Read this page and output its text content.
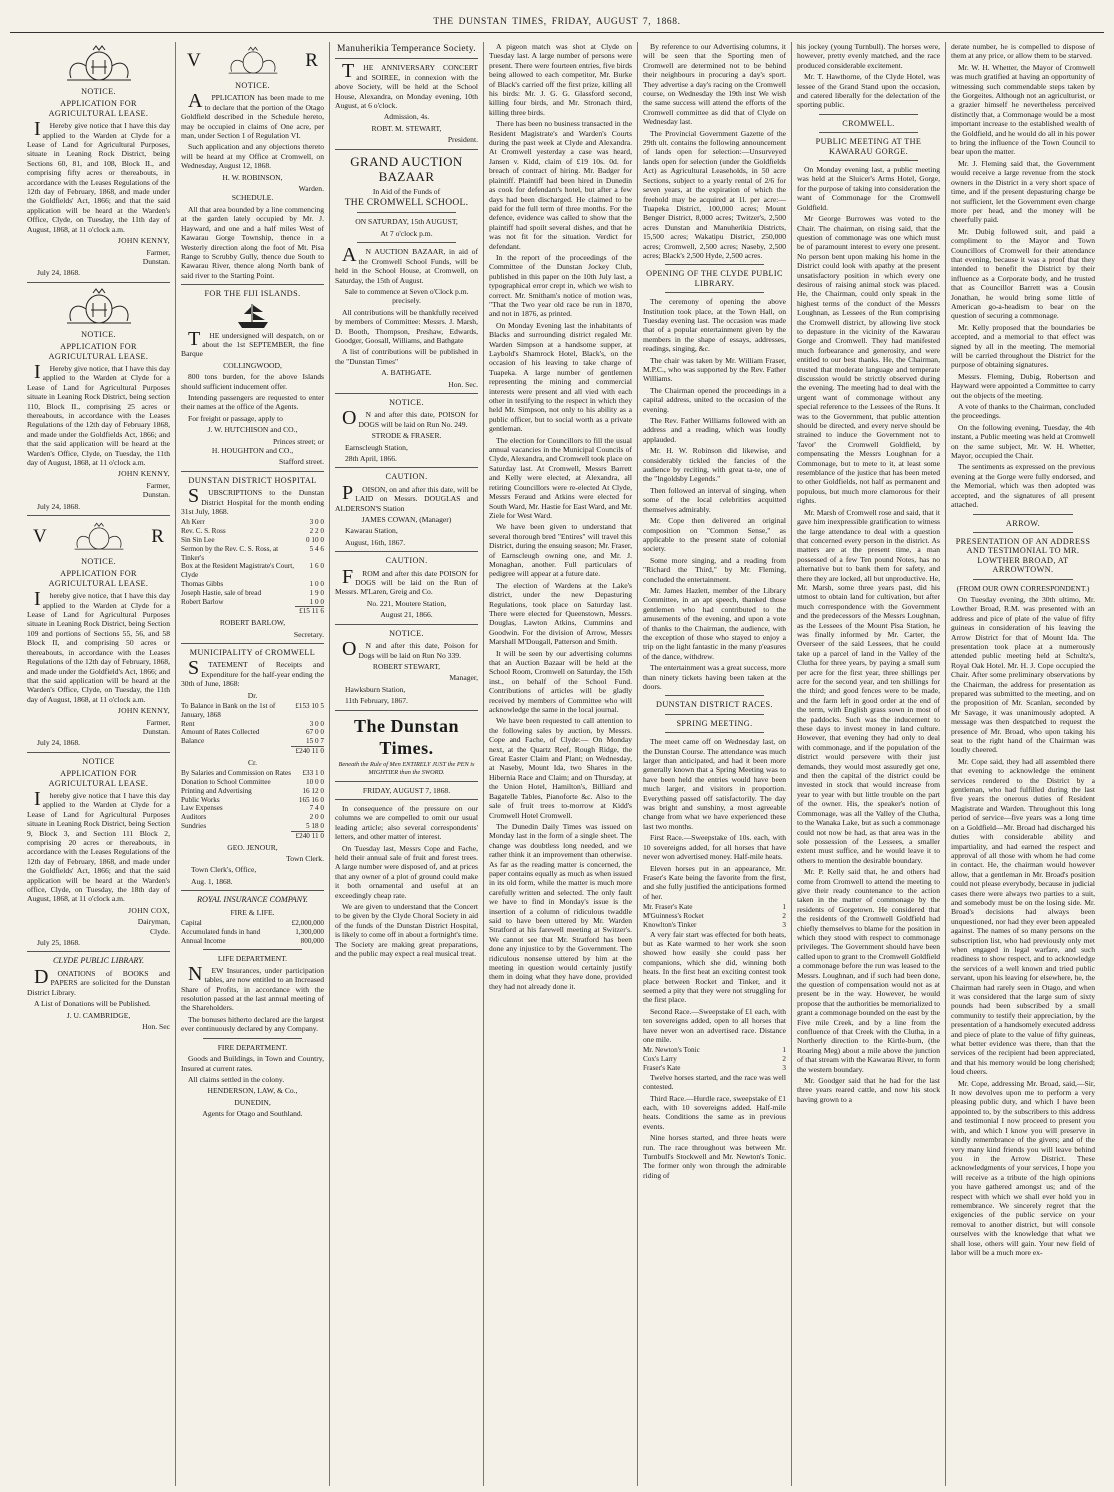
THE DUNSTAN TIMES, FRIDAY, AUGUST 7, 1868.

NOTICE.

APPLICATION FOR AGRICULTURAL LEASE.

IHereby give notice that I have this day applied to the Warden at Clyde for a Lease of Land for Agricultural Purposes, situate in Leaning Rock District, being Sections 60, 81, and 108, Block II., and comprising fifty acres or thereabouts, in accordance with the Leases Regulations of the 12th day of February, 1868, and made under the Goldfields' Act, 1866; and that the said application will be heard at the Warden's Office, Clyde, on Tuesday, the 11th day of August, 1868, at 11 o'clock a.m.

JOHN KENNY,

Farmer,

Dunstan.

July 24, 1868.

NOTICE.

APPLICATION FOR AGRICULTURAL LEASE.

IHereby give notice, that I have this day applied to the Warden at Clyde for a Lease of Land for Agricultural Purposes situate in Leaning Rock District, being section 110, Block II., comprising 25 acres or thereabouts, in accordance with the Leases Regulations of the 12th day of February 1868, and made under the Goldfields Act, 1866; and that the said application will be heard at the Warden's Office, Clyde, on Tuesday, the 11th day of August, 1868, at 11 o'clock a.m.

JOHN KENNY,

Farmer,

Dunstan.

July 24, 1868.

V	R

NOTICE.

APPLICATION FOR AGRICULTURAL LEASE.

Ihereby give notice, that I have this day applied to the Warden at Clyde for a Lease of Land for Agricultural Purposes situate in Leaning Rock District, being Section 109 and portions of Sections 55, 56, and 58 Block II, and comprising 50 acres or thereabouts, in accordance with the Leases Regulations of the 12th day of February, 1868, and made under the Goldfield's Act, 1866; and that the said application will be heard at the Warden's Office, Clyde, on Tuesday, the 11th day of August, 1868, at 11 o'clock a.m.

JOHN KENNY,

Farmer,

Dunstan.

July 24, 1868.

NOTICE

APPLICATION FOR AGRICULTURAL LEASE.

Ihereby give notice that I have this day applied to the Warden at Clyde for a Lease of Land for Agricultural Purposes situate in Leaning Rock District, being Section 9, Block 3, and Section 111 Block 2, comprising 20 acres or thereabouts, in accordance with the Leases Regulations of the 12th day of February, 1868, and made under the Goldfields' Act, 1866; and that the said application will be heard at the Warden's office, Clyde, on Tuesday, the 18th day of August, 1868, at 11 o'clock a.m.

JOHN COX,

Dairyman,

Clyde.

July 25, 1868.

CLYDE PUBLIC LIBRARY.

DONATIONS of BOOKS and PAPERS are solicited for the Dunstan District Library.

A List of Donations will be Published.

J. U. CAMBRIDGE,

Hon. Sec

V	R

NOTICE.

APPLICATION has been made to me to declare that the portion of the Otago Goldfield described in the Schedule hereto, may be occupied in claims of One acre, per man, under Section 1 of Regulation VI.

Such application and any objections thereto will be heard at my Office at Cromwell, on Wednesday, August 12, 1868.

H. W. ROBINSON,

Warden.

SCHEDULE.

All that area bounded by a line commencing at the garden lately occupied by Mr. J. Hayward, and one and a half miles West of Kawarau Gorge Township, thence in a Westerly direction along the foot of Mt. Pisa Range to Scrubby Gully, thence due South to Kawarau River, thence along North bank of said river to the Starting Point.

FOR THE FIJI ISLANDS.

THE undersigned will despatch, on or about the 1st SEPTEMBER, the fine Barque

COLLINGWOOD,

800 tons burden, for the above Islands should sufficient inducement offer.

Intending passengers are requested to enter their names at the office of the Agents.

For freight or passage, apply to

J. W. HUTCHISON and CO.,

Princes street; or

H. HOUGHTON and CO.,

Stafford street.

DUNSTAN DISTRICT HOSPITAL

SUBSCRIPTIONS to the Dunstan District Hospital for the month ending 31st July, 1868.

Ah Kerr	3 0 0
Rev. C. S. Ross	2 2 0
Sin Sin Lee	0 10 0
Sermon by the Rev. C. S. Ross, at Tinker's	5 4 6
Box at the Resident Magistrate's Court, Clyde	1 6 0
Thomas Gibbs	1 0 0
Joseph Hastie, sale of bread	1 9 0
Robert Barlow	1 0 0
	£15 11 6

ROBERT BARLOW,

Secretary.

MUNICIPALITY of CROMWELL

STATEMENT of Receipts and Expenditure for the half-year ending the 30th of June, 1868:

Dr.

To Balance in Bank on the 1st of January, 1868	£153 10 5
Rent	3 0 0
Amount of Rates Collected	67 0 0
Balance	15 0 7
	£240 11 0

Cr.

By Salaries and Commission on Rates	£33 1 0
Donation to School Committee	10 0 0
Printing and Advertising	16 12 0
Public Works	165 16 0
Law Expenses	7 4 0
Auditors	2 0 0
Sundries	5 18 0
	£240 11 0

GEO. JENOUR,

Town Clerk.

Town Clerk's, Office,

Aug. 1, 1868.

ROYAL INSURANCE COMPANY.

FIRE & LIFE.

Capital	£2,000,000
Accumulated funds in hand	1,300,000
Annual Income	800,000

LIFE DEPARTMENT.

NEW Insurances, under participation tables, are now entitled to an Increased Share of Profits, in accordance with the resolution passed at the last annual meeting of the Shareholders.

The bonuses hitherto declared are the largest ever continuously declared by any Company.

FIRE DEPARTMENT.

Goods and Buildings, in Town and Country, Insured at current rates.

All claims settled in the colony.

HENDERSON, LAW, & Co.,

DUNEDIN,

Agents for Otago and Southland.

Manuherikia Temperance Society.

THE ANNIVERSARY CONCERT and SOIREE, in connexion with the above Society, will be held at the School House, Alexandra, on Monday evening, 10th August, at 6 o'clock.

Admission, 4s.

ROBT. M. STEWART,

President.

GRAND AUCTION BAZAAR

In Aid of the Funds of

THE CROMWELL SCHOOL.

ON SATURDAY, 15th AUGUST,

At 7 o'clock p.m.

AN AUCTION BAZAAR, in aid of the Cromwell School Funds, will be held in the School House, at Cromwell, on Saturday, the 15th of August.

Sale to commence at Seven o'Clock p.m. precisely.

All contributions will be thankfully received by members of Committee: Messrs. J. Marsh, D. Booth, Thompson, Preshaw, Edwards, Goodger, Goosall, Williams, and Bathgate

A list of contributions will be published in the "Dunstan Times"

A. BATHGATE.

Hon. Sec.

NOTICE.

ON and after this date, POISON for DOGS will be laid on Run No. 249.

STRODE & FRASER.

Earnscleugh Station,

28th April, 1866.

CAUTION.

POISON, on and after this date, will be LAID on Messrs. DOUGLAS and ALDERSON'S Station

JAMES COWAN, (Manager)

Kawarau Station,

August, 16th, 1867.

CAUTION.

FROM and after this date POISON for DOGS will be laid on the Run of Messrs. M'Laren, Greig and Co.

No. 221, Moutere Station,

August 21, 1866.

NOTICE.

ON and after this date, Poison for Dogs will be laid on Run No 339.

ROBERT STEWART,

Manager,

Hawksburn Station,

11th February, 1867.

The Dunstan Times.
Beneath the Rule of Men ENTIRELY JUST the PEN is MIGHTIER than the SWORD.

FRIDAY, AUGUST 7, 1868.

In consequence of the pressure on our columns we are compelled to omit our usual leading article; also several correspondents' letters, and other matter of interest.

On Tuesday last, Messrs Cope and Fache, held their annual sale of fruit and forest trees. A large number were disposed of, and at prices that any owner of a plot of ground could make it both ornamental and useful at an exceedingly cheap rate.

We are given to understand that the Concert to be given by the Clyde Choral Society in aid of the funds of the Dunstan District Hospital, is likely to come off in about a fortnight's time. The Society are making great preparations, and the public may expect a real musical treat.

A pigeon match was shot at Clyde on Tuesday last. A large number of persons were present. There were fourteen entries, five birds being allowed to each competitor, Mr. Burke of Black's carried off the first prize, killing all his birds: Mr. J. G. G. Glassford second, killing four birds, and Mr. Stronach third, killing three birds.

There has been no business transacted in the Resident Magistrate's and Warden's Courts during the past week at Clyde and Alexandra. At Cromwell yesterday a case was heard, Jansen v. Kidd, claim of £19 10s. 0d. for breach of contract of hiring. Mr. Badger for plaintiff. Plaintiff had been hired in Dunedin as cook for defendant's hotel, but after a few days had been discharged. He claimed to be paid for the full term of three months. For the defence, evidence was called to show that the plaintiff had spoilt several dishes, and that he was not fit for the situation. Verdict for defendant.

In the report of the proceedings of the Committee of the Dunstan Jockey Club, published in this paper on the 10th July last, a typographical error crept in, which we wish to correct. Mr. Smitham's notice of motion was, "That the Two year old race be run in 1870, and not in 1876, as printed.

On Monday Evening last the inhabitants of Blacks and surrounding district regaled Mr. Warden Simpson at a handsome supper, at Laybold's Shamrock Hotel, Black's, on the occasion of his leaving to take charge of Tuapeka. A large number of gentlemen representing the mining and commercial interests were present and all vied with each other in testifying to the respect in which they held Mr. Simpson, not only to his ability as a public officer, but to social worth as a private gentleman.

The election for Councillors to fill the usual annual vacancies in the Municipal Councils of Clyde, Alexandra, and Cromwell took place on Saturday last. At Cromwell, Messrs Barrett and Kelly were elected, at Alexandra, all retiring Councillors were re-elected At Clyde, Messrs Feraud and Atkins were elected for South Ward, Mr. Hastie for East Ward, and Mr. Ziele for West Ward.

We have been given to understand that several thorough bred "Entires" will travel this District, during the ensuing season; Mr. Fraser, of Earnscleugh owning one, and Mr. J. Monaghan, another. Full particulars of pedigree will appear at a future date.

The election of Wardens at the Lake's district, under the new Depasturing Regulations, took place on Saturday last. There were elected for Queenstown, Messrs. Douglas, Lawton Atkins, Cummins and Goodwin. For the division of Arrow, Messrs Marshall M'Dougall, Patterson and Smith.

It will be seen by our advertising columns that an Auction Bazaar will be held at the School Room, Cromwell on Saturday, the 15th inst., on behalf of the School Fund. Contributions of articles will be gladly received by members of Committee who will acknowledge the same in the local journal.

We have been requested to call attention to the following sales by auction, by Messrs. Cope and Fache, of Clyde:— On Monday next, at the Quartz Reef, Rough Ridge, the Great Easter Claim and Plant; on Wednesday, at Naseby, Mount Ida, two Shares in the Hibernia Race and Claim; and on Thursday, at the Union Hotel, Hamilton's, Billiard and Bagatelle Tables, Pianoforte &c. Also to the sale of fruit trees to-morrow at Kidd's Cromwell Hotel Cromwell.

The Dunedin Daily Times was issued on Monday last in the form of a single sheet. The change was doubtless long needed, and we rather think it an improvement than otherwise. As far as the reading matter is concerned, the paper contains equally as much as when issued in its old form, while the matter is much more carefully written and selected. The only fault we have to find in Monday's issue is the insertion of a column of ridiculous twaddle said to have been uttered by Mr. Warden Stratford at his farewell meeting at Switzer's. We cannot see that Mr. Stratford has been done any injustice to by the Government. The ridiculous nonsense uttered by him at the meeting in question would certainly justify them in doing what they have done, provided they had not already done it.

By reference to our Advertising columns, it will be seen that the Sporting men of Cromwell are determined not to be behind their neighbours in procuring a day's sport. They advertise a day's racing on the Cromwell course, on Wednesday the 19th inst We wish the same success will attend the efforts of the Cromwell committee as did that of Clyde on Wednesday last.

The Provincial Government Gazette of the 29th ult. contains the following announcement of lands open for selection:—Unsurveyed lands open for selection (under the Goldfields Act) as Agricultural Leaseholds, in 50 acre Sections, subject to a yearly rental of 2/6 for seven years, at the expiration of which the freehold may be acquired at 1l. per acre:—Tuapeka District, 100,000 acres; Mount Benger District, 8,000 acres; Twitzer's, 2,500 acres Dunstan and Manuherikia Districts, 15,500 acres; Wakatipu District, 250,000 acres; Cromwell, 2,500 acres; Naseby, 2,500 acres; Black's 2,500 Hyde, 2,500 acres.

OPENING OF THE CLYDE PUBLIC LIBRARY.

The ceremony of opening the above Institution took place, at the Town Hall, on Tuesday evening last. The occasion was made that of a popular entertainment given by the members in the shape of essays, addresses, readings, singing, &c.

The chair was taken by Mr. William Fraser, M.P.C., who was supported by the Rev. Father Williams.

The Chairman opened the proceedings in a capital address, united to the occasion of the evening.

The Rev. Father Williams followed with an address and a reading, which was loudly applauded.

Mr. H. W. Robinson did likewise, and considerably tickled the fancies of the audience by reciting, with great ta-te, one of the "Ingoldsby Legends."

Then followed an interval of singing, when some of the local celebrities acquitted themselves admirably.

Mr. Cope then delivered an original composition on "Common Sense," as applicable to the present state of colonial society.

Some more singing, and a reading from "Richard the Third," by Mr. Fleming, concluded the entertainment.

Mr. James Hazlett, member of the Library Committee, in an apt speech, thanked those gentlemen who had contributed to the amusements of the evening, and upon a vote of thanks to the Chairman, the audience, with the exception of those who stayed to enjoy a trip on the light fantastic in the many p'easures of the dance, withdrew.

The entertainment was a great success, more than ninety tickets having been taken at the doors.

DUNSTAN DISTRICT RACES.

SPRING MEETING.

The meet came off on Wednesday last, on the Dunstan Course. The attendance was much larger than anticipated, and had it been more generally known that a Spring Meeting was to have been held the entries would have been much larger, and visitors in proportion. Everything passed off satisfactorily. The day was bright and sunshiny, a most agreeable change from what we have experienced these last two months.

First Race.—Sweepstake of 10s. each, with 10 sovereigns added, for all horses that have never won advertised money. Half-mile heats.

Eleven horses put in an appearance, Mr. Fraser's Kate being the favorite from the first, and she fully justified the anticipations formed of her.

Mr. Fraser's Kate	1
M'Guinness's Rocket	2
Knowlton's Tinker	3

A very fair start was effected for both heats, but as Kate warmed to her work she soon showed how easily she could pass her companions, which she did, winning both heats. In the first heat an exciting contest took place between Rocket and Tinker, and it seemed a pity that they were not struggling for the first place.

Second Race.—Sweepstake of £1 each, with ten sovereigns added, open to all horses that have never won an advertised race. Distance one mile.

Mr. Newton's Tonic	1
Cox's Larry	2
Fraser's Kate	3

Twelve horses started, and the race was well contested.

Third Race.—Hurdle race, sweepstake of £1 each, with 10 sovereigns added. Half-mile heats. Conditions the same as in previous events.

Nine horses started, and three heats were run. The race throughout was between Mr. Turnbull's Stockwell and Mr. Newton's Tonic. The former only won through the admirable riding of

his jockey (young Turnbull). The horses were, however, pretty evenly matched, and the race produced considerable excitement.

Mr. T. Hawthorne, of the Clyde Hotel, was lessee of the Grand Stand upon the occasion, and catered liberally for the delectation of the sporting public.

CROMWELL.

PUBLIC MEETING AT THE KAWARAU GORGE.

On Monday evening last, a public meeting was held at the Sluicer's Arms Hotel, Gorge, for the purpose of taking into consideration the want of Commonage for the Cromwell Goldfield.

Mr George Burrowes was voted to the Chair. The chairman, on rising said, that the question of commonage was one which must be of paramount interest to every one present. No person bent upon making his home in the District could look with apathy at the present unsatisfactory position in which every one desirous of raising animal stock was placed. He, the Chairman, could only speak in the highest terms of the conduct of the Messrs Loughnan, as Lessees of the Run comprising the Cromwell district, by allowing live stock to depasture in the vicinity of the Kawarau Gorge and Cromwell. They had manifested much forbearance and generosity, and were entitled to our best thanks. He, the Chairman, trusted that moderate language and temperate discussion would be strictly observed during the evening. The meeting had to deal with the urgent want of commonage without any special reference to the Lessees of the Runs. It was to the Government, that public attention should be directed, and every nerve should be strained to induce the Government not to 'favor' the Cromwell Goldfield, by compensating the Messrs Loughnan for a Commonage, but to mete to it, at least some resemblance of the justice that has been meted to other Goldfields, not half as permanent and populous, but much more clamorous for their rights.

Mr. Marsh of Cromwell rose and said, that it gave him inexpressible gratification to witness the large attendance to deal with a question that concerned every person in the district. As matters are at the present time, a man possessed of a few Ten pound Notes, has no alternative but to bank them for safety, and there they are locked, all but unproductive. He, Mr. Marsh, some three years past, did his utmost to obtain land for cultivation, but after much correspondence with the Government and the predecessors of the Messrs Loughnan, as the Lessees of the Mount Pisa Station, he was finally informed by Mr. Carter, the Overseer of the said Lessees, that he could take up a parcel of land in the Valley of the Clutha for three years, by paying a small sum per acre for the first year, three shillings per acre for the second year, and ten shillings for the third; and good fences were to be made, and the farm left in good order at the end of the term, with English grass sown in most of the paddocks. Such was the inducement to these days to invest money in land culture. However, that evening they had only to deal with commonage, and if the population of the district would persevere with their just demands, they would most assuredly get one, and then the capital of the district could be invested in stock that would increase from year to year with but little trouble on the part of the owner. His, the speaker's notion of Commonage, was all the Valley of the Clutha, to the Wanaka Lake, but as such a commonage could not now be had, as that area was in the sole possession of the Lessees, a smaller extent must suffice, and he would leave it to others to mention the desirable boundary.

Mr. P. Kelly said that, he and others had come from Cromwell to attend the meeting to give their ready countenance to the action taken in the matter of commonage by the residents of Gorgetown. He considered that the residents of the Cromwell Goldfield had chiefly themselves to blame for the position in which they stood with respect to commonage privileges. The Government should have been called upon to grant to the Cromwell Goldfield a commonage before the run was leased to the Messrs. Loughnan, and if such had been done, the question of compensation would not as at present be in the way. However, he would propose that the authorities be memorialized to grant a commonage bounded on the east by the Five mile Creek, and by a line from the confluence of that Creek with the Clutha, in a Northerly direction to the Kirtle-burn, (the Roaring Meg) about a mile above the junction of that stream with the Kawarau River, to form the western boundary.

Mr. Goodger said that he had for the last three years reared cattle, and now his stock having grown to a

derate number, he is compelled to dispose of them at any price, or allow them to be starved.

Mr. W. H. Whetter, the Mayor of Cromwell was much gratified at having an opportunity of witnessing such commendable steps taken by the Gorgeites. Although not an agriculturist, or a grazier himself he nevertheless perceived distinctly that, a Commonage would be a most important increase to the established wealth of the Goldfield, and he would do all in his power to bring the influence of the Town Council to bear upon the matter.

Mr. J. Fleming said that, the Government would receive a large revenue from the stock owners in the District in a very short space of time, and if the present depasturing charge be not sufficient, let the Government even charge more per head, and the money will be cheerfully paid.

Mr. Dubig followed suit, and paid a compliment to the Mayor and Town Councillors of Cromwell for their attendance that evening, because it was a proof that they intended to benefit the District by their influence as a Corporate body, and he trusted that as Councillor Barrett was a Cousin Jonathan, he would bring some little of American go-a-headism to bear on the question of securing a commonage.

Mr. Kelly proposed that the boundaries be accepted, and a memorial to that effect was signed by all in the meeting. The memorial will be carried throughout the District for the purpose of obtaining signatures.

Messrs. Fleming, Dubig, Robertson and Hayward were appointed a Committee to carry out the objects of the meeting.

A vote of thanks to the Chairman, concluded the proceedings.

On the following evening, Tuesday, the 4th instant, a Public meeting was held at Cromwell on the same subject, Mr. W. H. Whetter, Mayor, occupied the Chair.

The sentiments as expressed on the previous evening at the Gorge were fully endorsed, and the Memorial, which was then adopted was accepted, and the signatures of all present attached.

ARROW.

PRESENTATION OF AN ADDRESS AND TESTIMONIAL TO MR. LOWTHER BROAD, AT ARROWTOWN.

(FROM OUR OWN CORRESPONDENT.)

On Tuesday evening, the 30th ultimo, Mr. Lowther Broad, R.M. was presented with an address and pice of plate of the value of fifty guineas in consideration of his leaving the Arrow District for that of Mount Ida. The presentation took place at a numerously attended public meeting held at Schultz's, Royal Oak Hotel. Mr. H. J. Cope occupied the Chair. After some preliminary observations by the Chairman, the address for presentation as prepared was submitted to the meeting, and on the proposition of Mr. Scanlan, seconded by Mr Savage, it was unanimously adopted. A message was then despatched to request the presence of Mr. Broad, who upon taking his seat to the right hand of the Chairman was loudly cheered.

Mr. Cope said, they had all assembled there that evening to acknowledge the eminent services rendered to the District by a gentleman, who had fulfilled during the last five years the onerous duties of Resident Magistrate and Warden. Throughout this long period of service—five years was a long time on a Goldfield—Mr. Broad had discharged his duties with considerable ability and impartiality, and had earned the respect and approval of all those with whom he had come in contact. He, the chairman would however allow, that a gentleman in Mr. Broad's position could not please everybody, because in judicial cases there were always two parties to a suit, and somebody must be on the losing side. Mr. Broad's decisions had always been unquestioned, nor had they ever been appealed against. The names of so many persons on the subscription list, who had previously only met when engaged in legal warfare, and such readiness to show respect, and to acknowledge the services of a well known and tried public servant, upon his leaving for elsewhere, he, the Chairman had rarely seen in Otago, and when it was considered that the large sum of sixty pounds had been subscribed by a small community to testify their appreciation, by the presentation of a handsomely executed address and piece of plate to the value of fifty guineas, what better evidence was there, than that the services of the recipient had been appreciated, and that his memory would be long cherished; loud cheers.

Mr. Cope, addressing Mr. Broad, said,—Sir, It now devolves upon me to perform a very pleasing public duty, and which I have been appointed to, by the subscribers to this address and testimonial I now proceed to present you with, and which I know you will preserve in kindly remembrance of the givers; and of the very many kind friends you will leave behind you in the Arrow District. These acknowledgments of your services, I hope you will receive as a tribute of the high opinions you have gathered amongst us; and of the respect with which we shall ever hold you in remembrance. We sincerely regret that the exigencies of the public service on your removal to another district, but will console ourselves with the knowledge that what we shall lose, others will gain. Your new field of labor will be a much more ex-
